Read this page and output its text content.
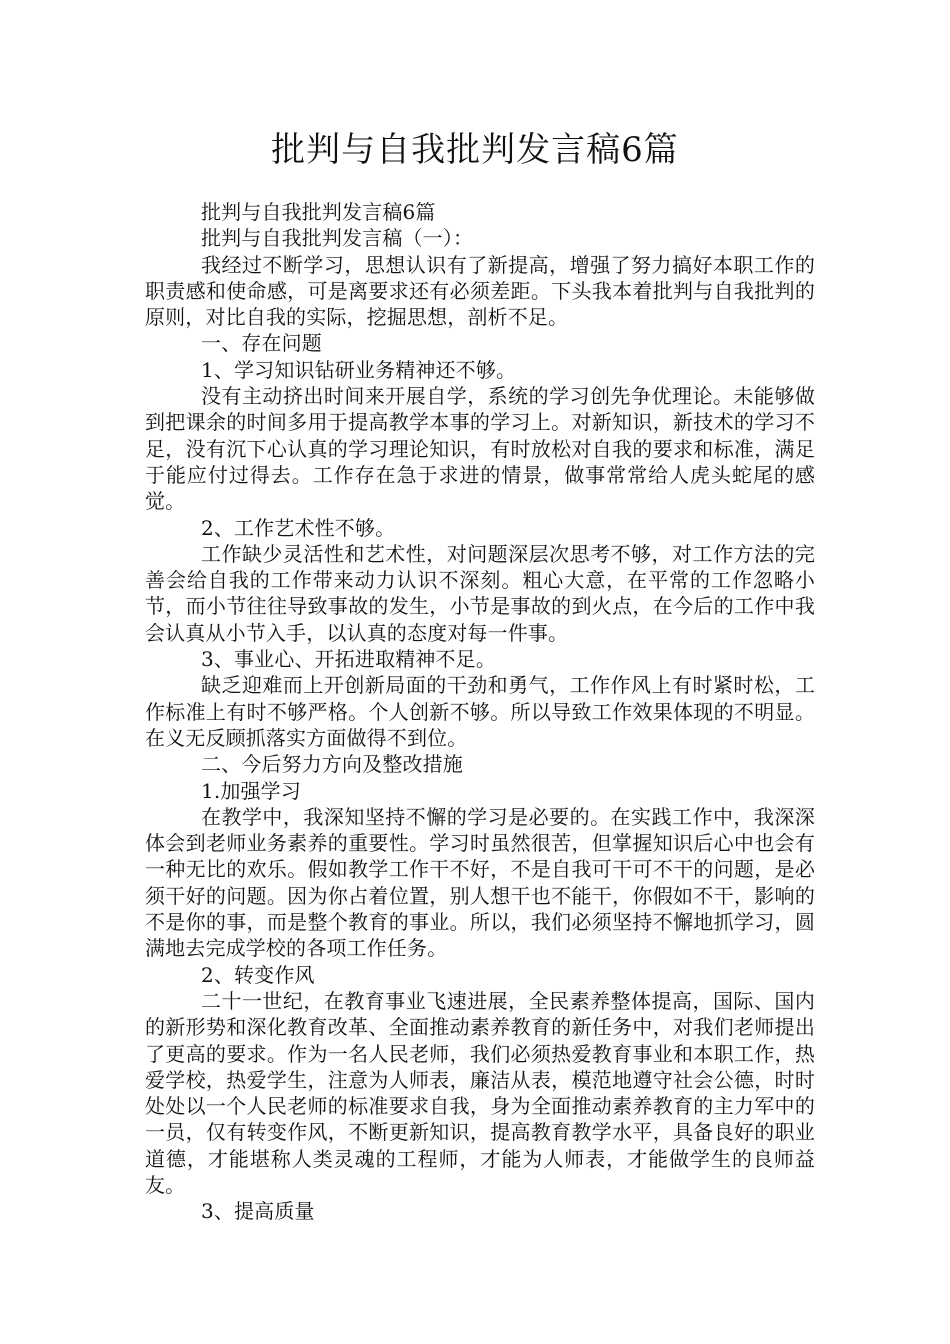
批判与自我批判发言稿6篇

批判与自我批判发言稿6篇

批判与自我批判发言稿（一）：

我经过不断学习，思想认识有了新提高，增强了努力搞好本职工作的职责感和使命感，可是离要求还有必须差距。下头我本着批判与自我批判的原则，对比自我的实际，挖掘思想，剖析不足。

一、存在问题

1、学习知识钻研业务精神还不够。

没有主动挤出时间来开展自学，系统的学习创先争优理论。未能够做到把课余的时间多用于提高教学本事的学习上。对新知识，新技术的学习不足，没有沉下心认真的学习理论知识，有时放松对自我的要求和标准，满足于能应付过得去。工作存在急于求进的情景，做事常常给人虎头蛇尾的感觉。

2、工作艺术性不够。

工作缺少灵活性和艺术性，对问题深层次思考不够，对工作方法的完善会给自我的工作带来动力认识不深刻。粗心大意，在平常的工作忽略小节，而小节往往导致事故的发生，小节是事故的到火点，在今后的工作中我会认真从小节入手，以认真的态度对每一件事。

3、事业心、开拓进取精神不足。

缺乏迎难而上开创新局面的干劲和勇气，工作作风上有时紧时松，工作标准上有时不够严格。个人创新不够。所以导致工作效果体现的不明显。在义无反顾抓落实方面做得不到位。

二、今后努力方向及整改措施

1.加强学习

在教学中，我深知坚持不懈的学习是必要的。在实践工作中，我深深体会到老师业务素养的重要性。学习时虽然很苦，但掌握知识后心中也会有一种无比的欢乐。假如教学工作干不好，不是自我可干可不干的问题，是必须干好的问题。因为你占着位置，别人想干也不能干，你假如不干，影响的不是你的事，而是整个教育的事业。所以，我们必须坚持不懈地抓学习，圆满地去完成学校的各项工作任务。

2、转变作风

二十一世纪，在教育事业飞速进展，全民素养整体提高，国际、国内的新形势和深化教育改革、全面推动素养教育的新任务中，对我们老师提出了更高的要求。作为一名人民老师，我们必须热爱教育事业和本职工作，热爱学校，热爱学生，注意为人师表，廉洁从表，模范地遵守社会公德，时时处处以一个人民老师的标准要求自我，身为全面推动素养教育的主力军中的一员，仅有转变作风，不断更新知识，提高教育教学水平，具备良好的职业道德，才能堪称人类灵魂的工程师，才能为人师表，才能做学生的良师益友。

3、提高质量
